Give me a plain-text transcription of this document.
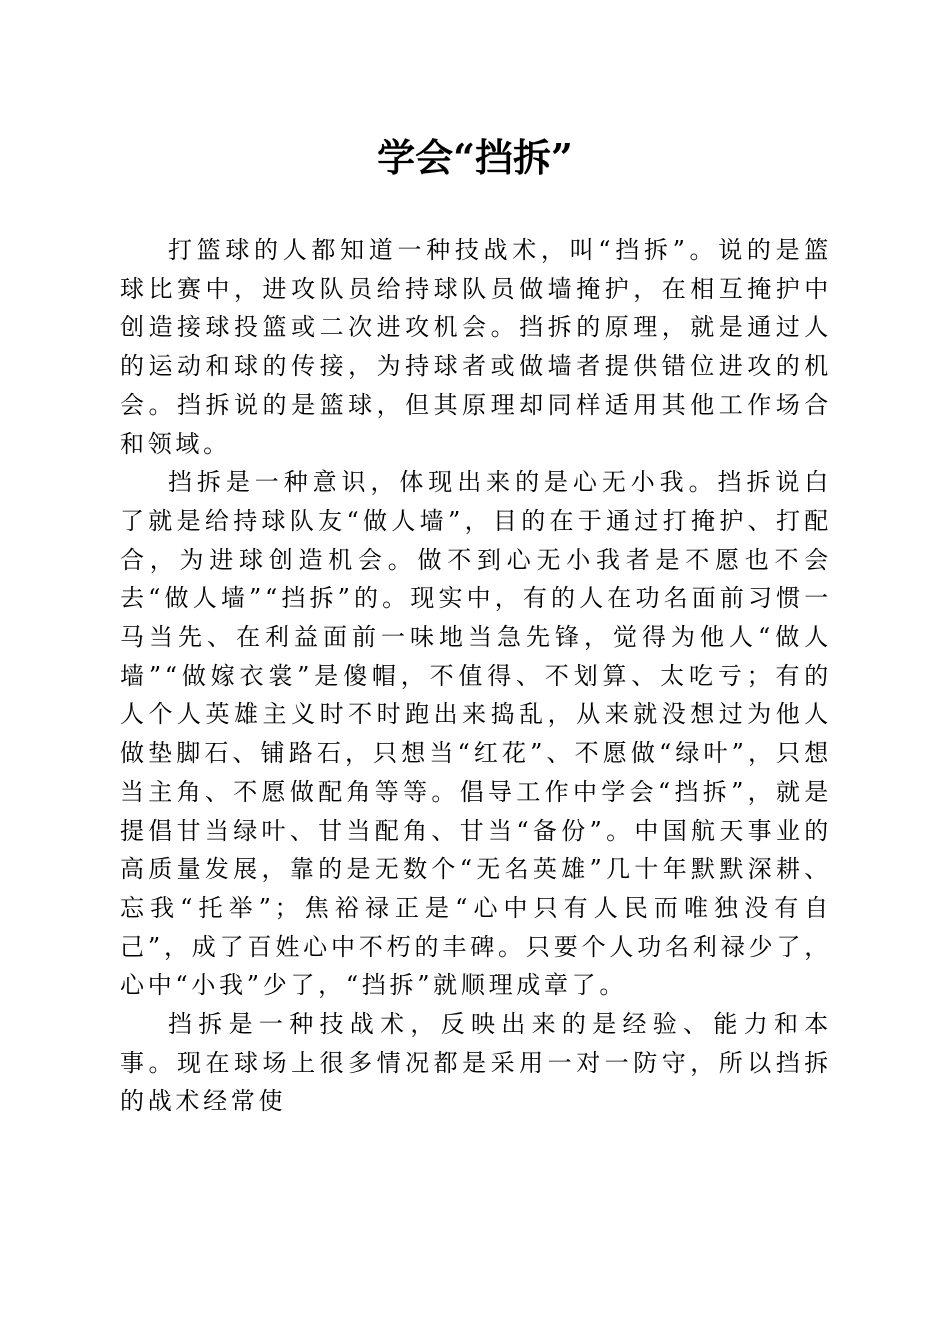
学会“挡拆”

打篮球的人都知道一种技战术，叫“挡拆”。说的是篮球比赛中，进攻队员给持球队员做墙掩护，在相互掩护中创造接球投篮或二次进攻机会。挡拆的原理，就是通过人的运动和球的传接，为持球者或做墙者提供错位进攻的机会。挡拆说的是篮球，但其原理却同样适用其他工作场合和领域。

挡拆是一种意识，体现出来的是心无小我。挡拆说白了就是给持球队友“做人墙”，目的在于通过打掩护、打配合，为进球创造机会。做不到心无小我者是不愿也不会去“做人墙”“挡拆”的。现实中，有的人在功名面前习惯一马当先、在利益面前一味地当急先锋，觉得为他人“做人墙”“做嫁衣裳”是傻帽，不值得、不划算、太吃亏；有的人个人英雄主义时不时跑出来捣乱，从来就没想过为他人做垫脚石、铺路石，只想当“红花”、不愿做“绿叶”，只想当主角、不愿做配角等等。倡导工作中学会“挡拆”，就是提倡甘当绿叶、甘当配角、甘当“备份”。中国航天事业的高质量发展，靠的是无数个“无名英雄”几十年默默深耕、忘我“托举”；焦裕禄正是“心中只有人民而唯独没有自己”，成了百姓心中不朽的丰碑。只要个人功名利禄少了，心中“小我”少了，“挡拆”就顺理成章了。

挡拆是一种技战术，反映出来的是经验、能力和本事。现在球场上很多情况都是采用一对一防守，所以挡拆的战术经常使
